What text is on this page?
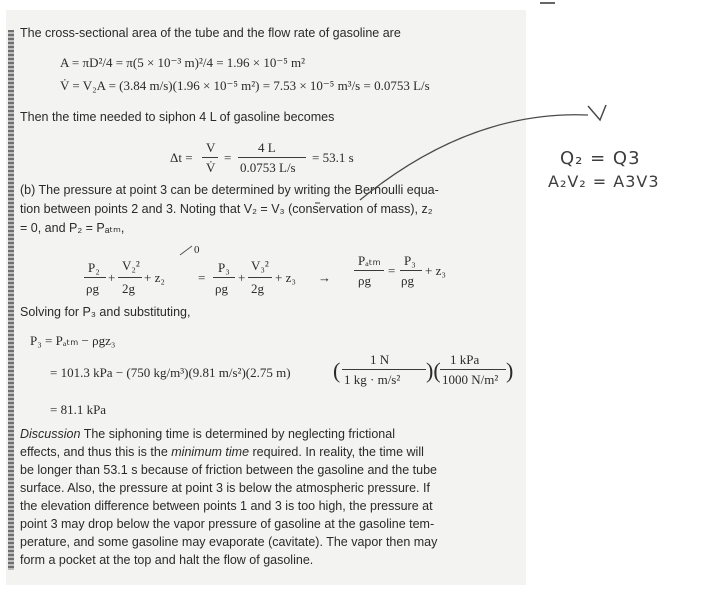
The cross-sectional area of the tube and the flow rate of gasoline are
A = πD²/4 = π(5 × 10⁻³ m)²/4 = 1.96 × 10⁻⁵ m²
V̇ = V₂A = (3.84 m/s)(1.96 × 10⁻⁵ m²) = 7.53 × 10⁻⁵ m³/s = 0.0753 L/s
Then the time needed to siphon 4 L of gasoline becomes
Δt =
V
V̇
=
4 L
0.0753 L/s
= 53.1 s
(b) The pressure at point 3 can be determined by writing the Bernoulli equa-
tion between points 2 and 3. Noting that V₂ = V₃ (conservation of mass), z₂
= 0, and P₂ = Pₐₜₘ,
P₂
ρg
+
V₂²
2g
+ z₂
0
=
P₃
ρg
+
V₃²
2g
+ z₃ →
Pₐₜₘ
ρg
=
P₃
ρg
+ z₃
Solving for P₃ and substituting,
P₃ = Pₐₜₘ − ρgz₃
= 101.3 kPa − (750 kg/m³)(9.81 m/s²)(2.75 m) ( 1 N
1 kg · m/s² )( 1 kPa
1000 N/m² )
= 81.1 kPa
Discussion The siphoning time is determined by neglecting frictional
effects, and thus this is the minimum time required. In reality, the time will
be longer than 53.1 s because of friction between the gasoline and the tube
surface. Also, the pressure at point 3 is below the atmospheric pressure. If
the elevation difference between points 1 and 3 is too high, the pressure at
point 3 may drop below the vapor pressure of gasoline at the gasoline tem-
perature, and some gasoline may evaporate (cavitate). The vapor then may
form a pocket at the top and halt the flow of gasoline.
Q₂ = Q3
A₂V₂ = A3V3
